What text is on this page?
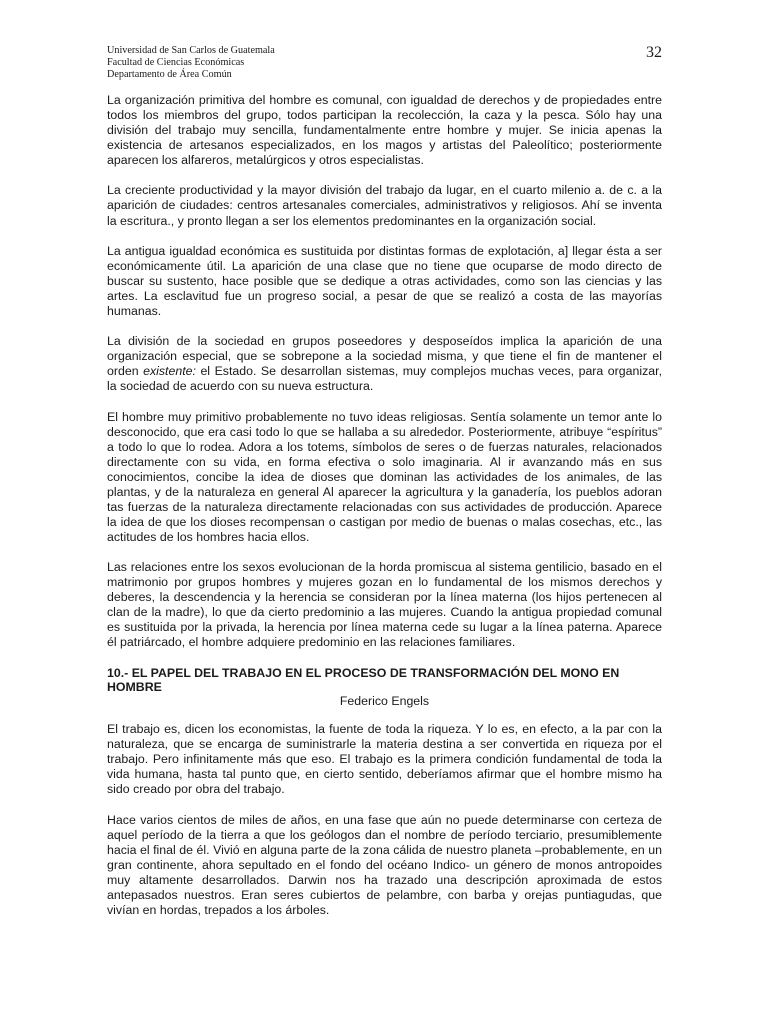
Universidad de San Carlos de Guatemala
Facultad de Ciencias Económicas
Departamento de Área Común
32

La organización primitiva del hombre es comunal, con igualdad de derechos y de propiedades entre todos los miembros del grupo, todos participan la recolección, la caza y la pesca. Sólo hay una división del trabajo muy sencilla, fundamentalmente entre hombre y mujer. Se inicia apenas la existencia de artesanos especializados, en los magos y artistas del Paleolítico; posteriormente aparecen los alfareros, metalúrgicos y otros especialistas.

La creciente productividad y la mayor división del trabajo da lugar, en el cuarto milenio a. de c. a la aparición de ciudades: centros artesanales comerciales, administrativos y religiosos. Ahí se inventa la escritura., y pronto llegan a ser los elementos predominantes en la organización social.

La antigua igualdad económica es sustituida por distintas formas de explotación, a] llegar ésta a ser económicamente útil. La aparición de una clase que no tiene que ocuparse de modo directo de buscar su sustento, hace posible que se dedique a otras actividades, como son las ciencias y las artes. La esclavitud fue un progreso social, a pesar de que se realizó a costa de las mayorías humanas.

La división de la sociedad en grupos poseedores y desposeídos implica la aparición de una organización especial, que se sobrepone a la sociedad misma, y que tiene el fin de mantener el orden existente: el Estado. Se desarrollan sistemas, muy complejos muchas veces, para organizar, la sociedad de acuerdo con su nueva estructura.

El hombre muy primitivo probablemente no tuvo ideas religiosas. Sentía solamente un temor ante lo desconocido, que era casi todo lo que se hallaba a su alrededor. Posteriormente, atribuye “espíritus” a todo lo que lo rodea. Adora a los totems, símbolos de seres o de fuerzas naturales, relacionados directamente con su vida, en forma efectiva o solo imaginaria. Al ir avanzando más en sus conocimientos, concibe la idea de dioses que dominan las actividades de los animales, de las plantas, y de la naturaleza en general Al aparecer la agricultura y la ganadería, los pueblos adoran tas fuerzas de la naturaleza directamente relacionadas con sus actividades de producción. Aparece la idea de que los dioses recompensan o castigan por medio de buenas o malas cosechas, etc., las actitudes de los hombres hacia ellos.

Las relaciones entre los sexos evolucionan de la horda promiscua al sistema gentilicio, basado en el matrimonio por grupos hombres y mujeres gozan en lo fundamental de los mismos derechos y deberes, la descendencia y la herencia se consideran por la línea materna (los hijos pertenecen al clan de la madre), lo que da cierto predominio a las mujeres. Cuando la antigua propiedad comunal es sustituida por la privada, la herencia por línea materna cede su lugar a la línea paterna. Aparece él patriárcado, el hombre adquiere predominio en las relaciones familiares.

10.- EL PAPEL DEL TRABAJO EN EL PROCESO DE TRANSFORMACIÓN DEL MONO EN HOMBRE

Federico Engels

El trabajo es, dicen los economistas, la fuente de toda la riqueza. Y lo es, en efecto, a la par con la naturaleza, que se encarga de suministrarle la materia destina a ser convertida en riqueza por el trabajo. Pero infinitamente más que eso. El trabajo es la primera condición fundamental de toda la vida humana, hasta tal punto que, en cierto sentido, deberíamos afirmar que el hombre mismo ha sido creado por obra del trabajo.

Hace varios cientos de miles de años, en una fase que aún no puede determinarse con certeza de aquel período de la tierra a que los geólogos dan el nombre de período terciario, presumiblemente hacia el final de él. Vivió en alguna parte de la zona cálida de nuestro planeta –probablemente, en un gran continente, ahora sepultado en el fondo del océano Indico- un género de monos antropoides muy altamente desarrollados. Darwin nos ha trazado una descripción aproximada de estos antepasados nuestros. Eran seres cubiertos de pelambre, con barba y orejas puntiagudas, que vivían en hordas, trepados a los árboles.
